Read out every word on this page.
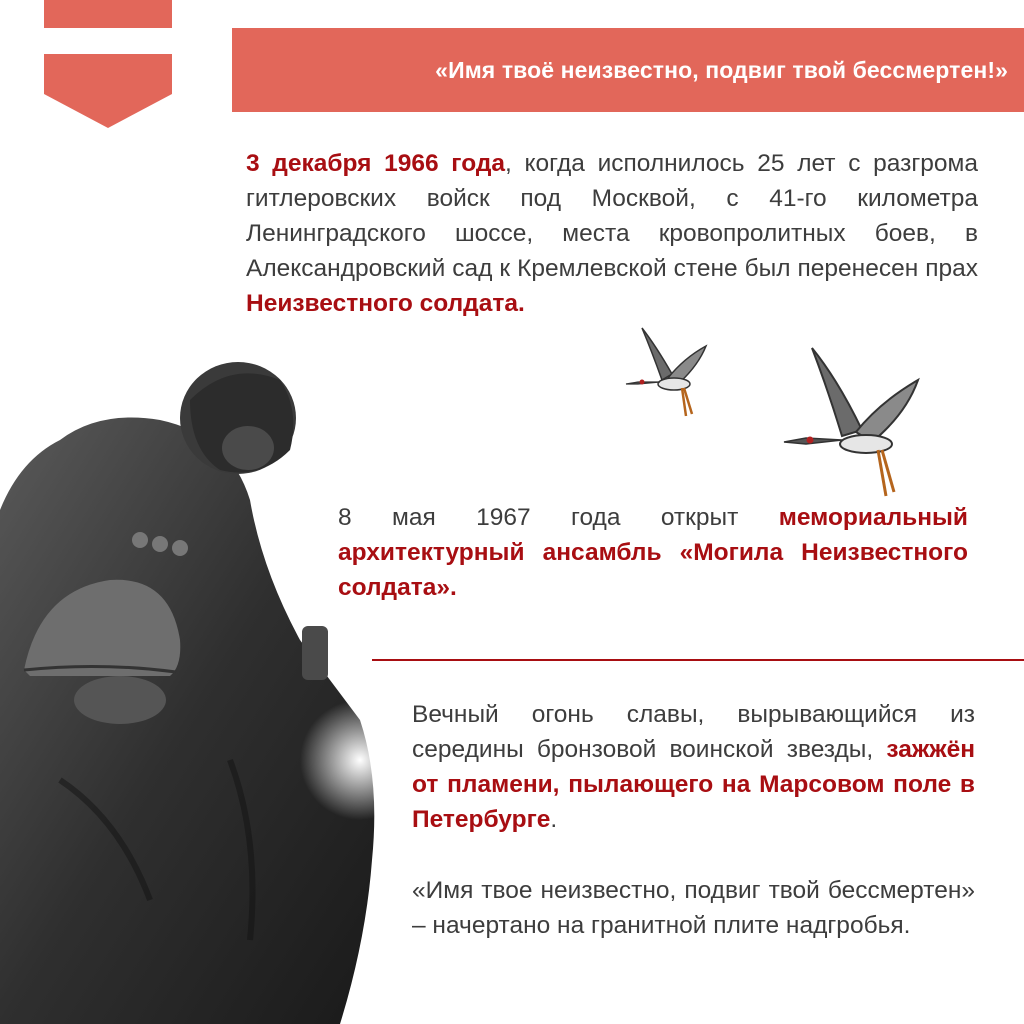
«Имя твоё неизвестно, подвиг твой бессмертен!»
3 декабря 1966 года, когда исполнилось 25 лет с разгрома гитлеровских войск под Москвой, с 41-го километра Ленинградского шоссе, места кровопролитных боев, в Александровский сад к Кремлевской стене был перенесен прах Неизвестного солдата.
8 мая 1967 года открыт мемориальный архитектурный ансамбль «Могила Неизвестного солдата».
Вечный огонь славы, вырывающийся из середины бронзовой воинской звезды, зажжён от пламени, пылающего на Марсовом поле в Петербурге.
«Имя твое неизвестно, подвиг твой бессмертен» – начертано на гранитной плите надгробья.
